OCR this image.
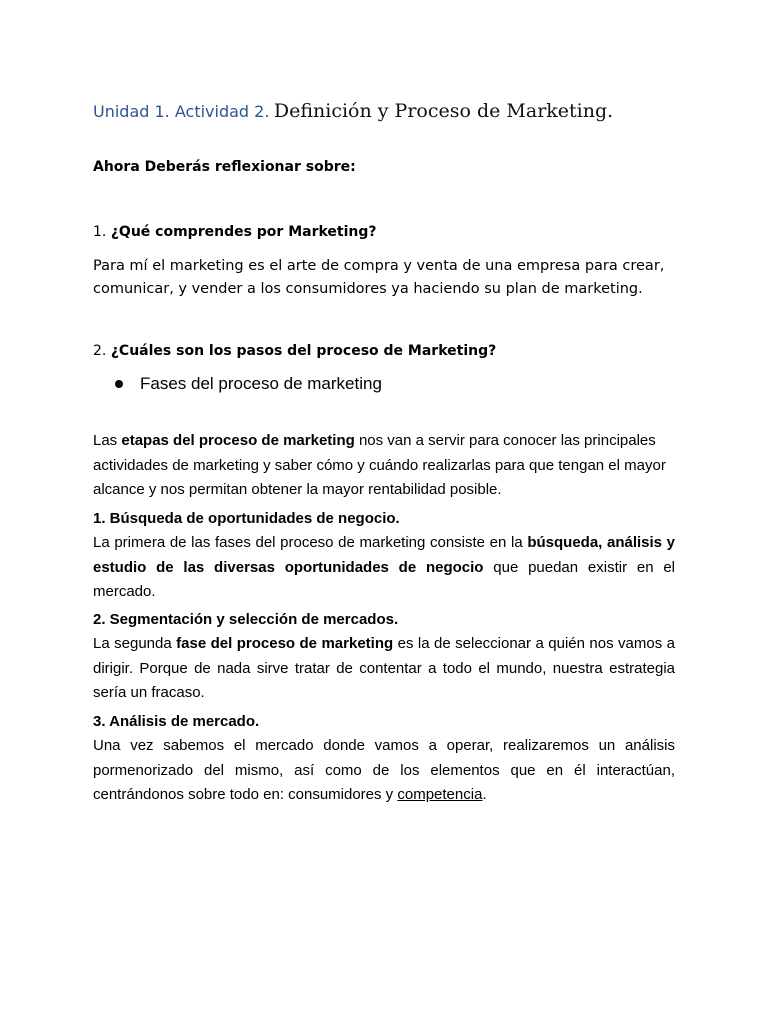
Unidad 1. Actividad 2. Definición y Proceso de Marketing.
Ahora Deberás reflexionar sobre:
1. ¿Qué comprendes por Marketing?
Para mí el marketing es el arte de compra y venta de una empresa para crear, comunicar, y vender a los consumidores ya haciendo su plan de marketing.
2. ¿Cuáles son los pasos del proceso de Marketing?
Fases del proceso de marketing
Las etapas del proceso de marketing nos van a servir para conocer las principales actividades de marketing y saber cómo y cuándo realizarlas para que tengan el mayor alcance y nos permitan obtener la mayor rentabilidad posible.
1. Búsqueda de oportunidades de negocio.
La primera de las fases del proceso de marketing consiste en la búsqueda, análisis y estudio de las diversas oportunidades de negocio que puedan existir en el mercado.
2. Segmentación y selección de mercados.
La segunda fase del proceso de marketing es la de seleccionar a quién nos vamos a dirigir. Porque de nada sirve tratar de contentar a todo el mundo, nuestra estrategia sería un fracaso.
3. Análisis de mercado.
Una vez sabemos el mercado donde vamos a operar, realizaremos un análisis pormenorizado del mismo, así como de los elementos que en él interactúan, centrándonos sobre todo en: consumidores y competencia.
